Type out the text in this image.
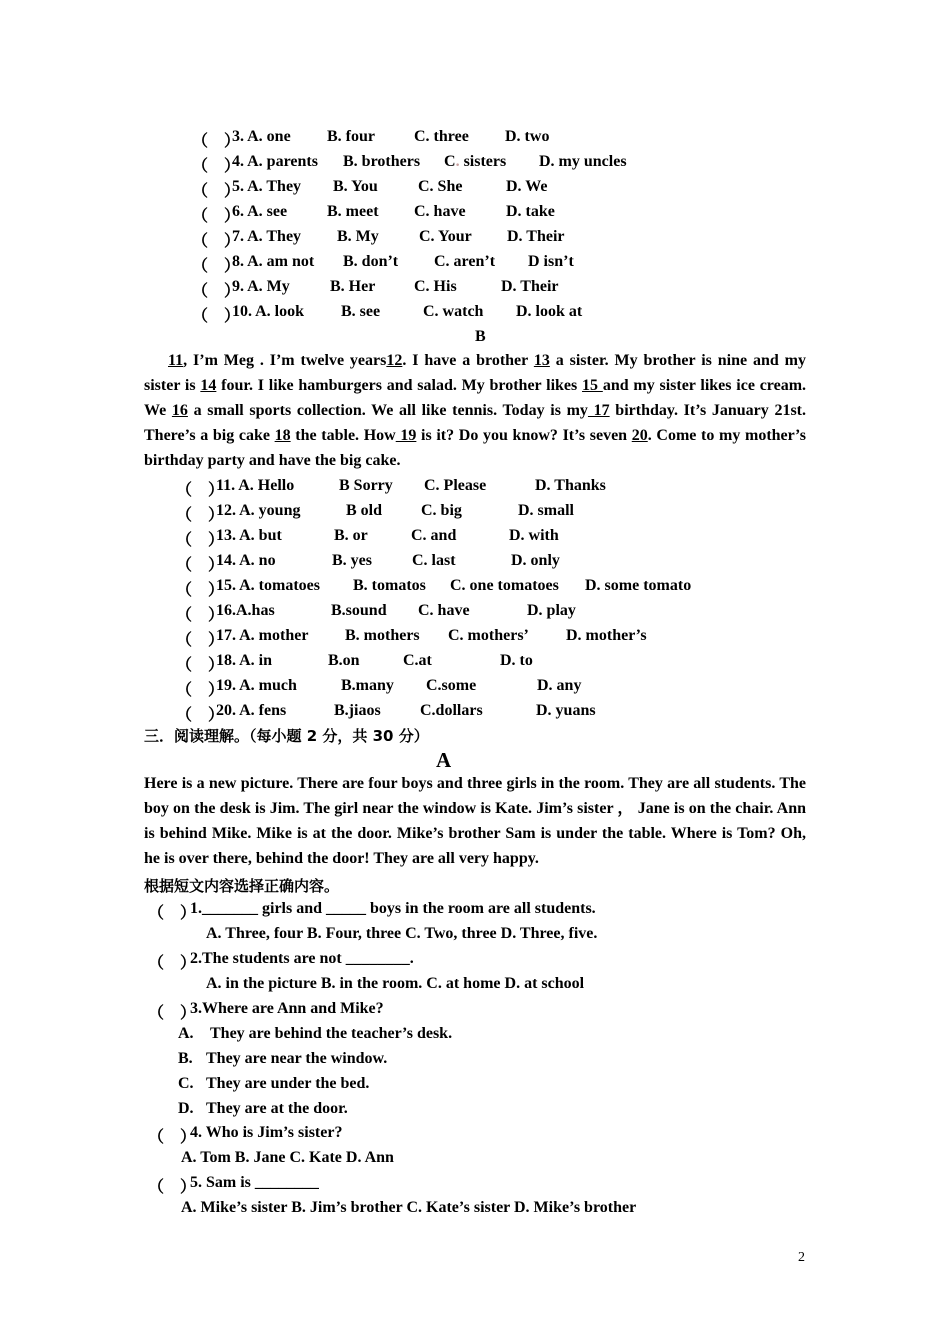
（　）
3. A. one B. four C. three D. two
（　）
4. A. parents B. brothers C. sisters D. my uncles
（　）
5. A. They B. You	C. She	D. We
（　）
6. A. see B. meet C. have	D. take
（　）
7. A. They B. My	C. Your D. Their
（　）
8. A. am not B. don’t C. aren’t D isn’t
（　）
9. A. My	B. Her C. His	D. Their
（　）
10. A. look B. see	C. watch D. look at
B
11, I’m Meg . I’m twelve years12. I have a brother 13 a sister. My brother is nine and my sister is 14 four. I like hamburgers and salad. My brother likes 15 and my sister likes ice cream. We 16 a small sports collection. We all like tennis. Today is my 17 birthday. It’s January 21st. There’s a big cake 18 the table. How 19 is it? Do you know? It’s seven 20. Come to my mother’s birthday party and have the big cake.
（　）
11. A. Hello	B Sorry C. Please	D. Thanks
（　）
12. A. young	B old C. big	D. small
（　）
13. A. but	B. or	C. and	D. with
（　）
14. A. no	B. yes	C. last	D. only
（　）
15. A. tomatoes B. tomatos C. one tomatoes D. some tomato
（　）
16.A.has	B.sound C. have	D. play
（　）
17. A. mother B. mothers C. mothers’ D. mother’s
（　）
18. A. in	B.on	C.at	D. to
（　）
19. A. much	B.many C.some	D. any
（　）
20. A. fens	B.jiaos C.dollars	D. yuans
三．阅读理解。（每小题 2 分，共 30 分）
A
Here is a new picture. There are four boys and three girls in the room. They are all students. The boy on the desk is Jim. The girl near the window is Kate. Jim’s sister ， Jane is on the chair. Ann is behind Mike. Mike is at the door. Mike’s brother Sam is under the table. Where is Tom? Oh, he is over there, behind the door! They are all very happy.
根据短文内容选择正确内容。
（　）
1._______ girls and _____ boys in the room are all students.
A. Three, four B. Four, three C. Two, three D. Three, five.
（　）
2.The students are not ________.
A. in the picture B. in the room. C. at home D. at school
（　）
3.Where are Ann and Mike?
A. They are behind the teacher’s desk.
B. They are near the window.
C. They are under the bed.
D. They are at the door.
（　）
4. Who is Jim’s sister?
A. Tom B. Jane C. Kate D. Ann
（　）
5. Sam is ________
A. Mike’s sister B. Jim’s brother C. Kate’s sister D. Mike’s brother
2
